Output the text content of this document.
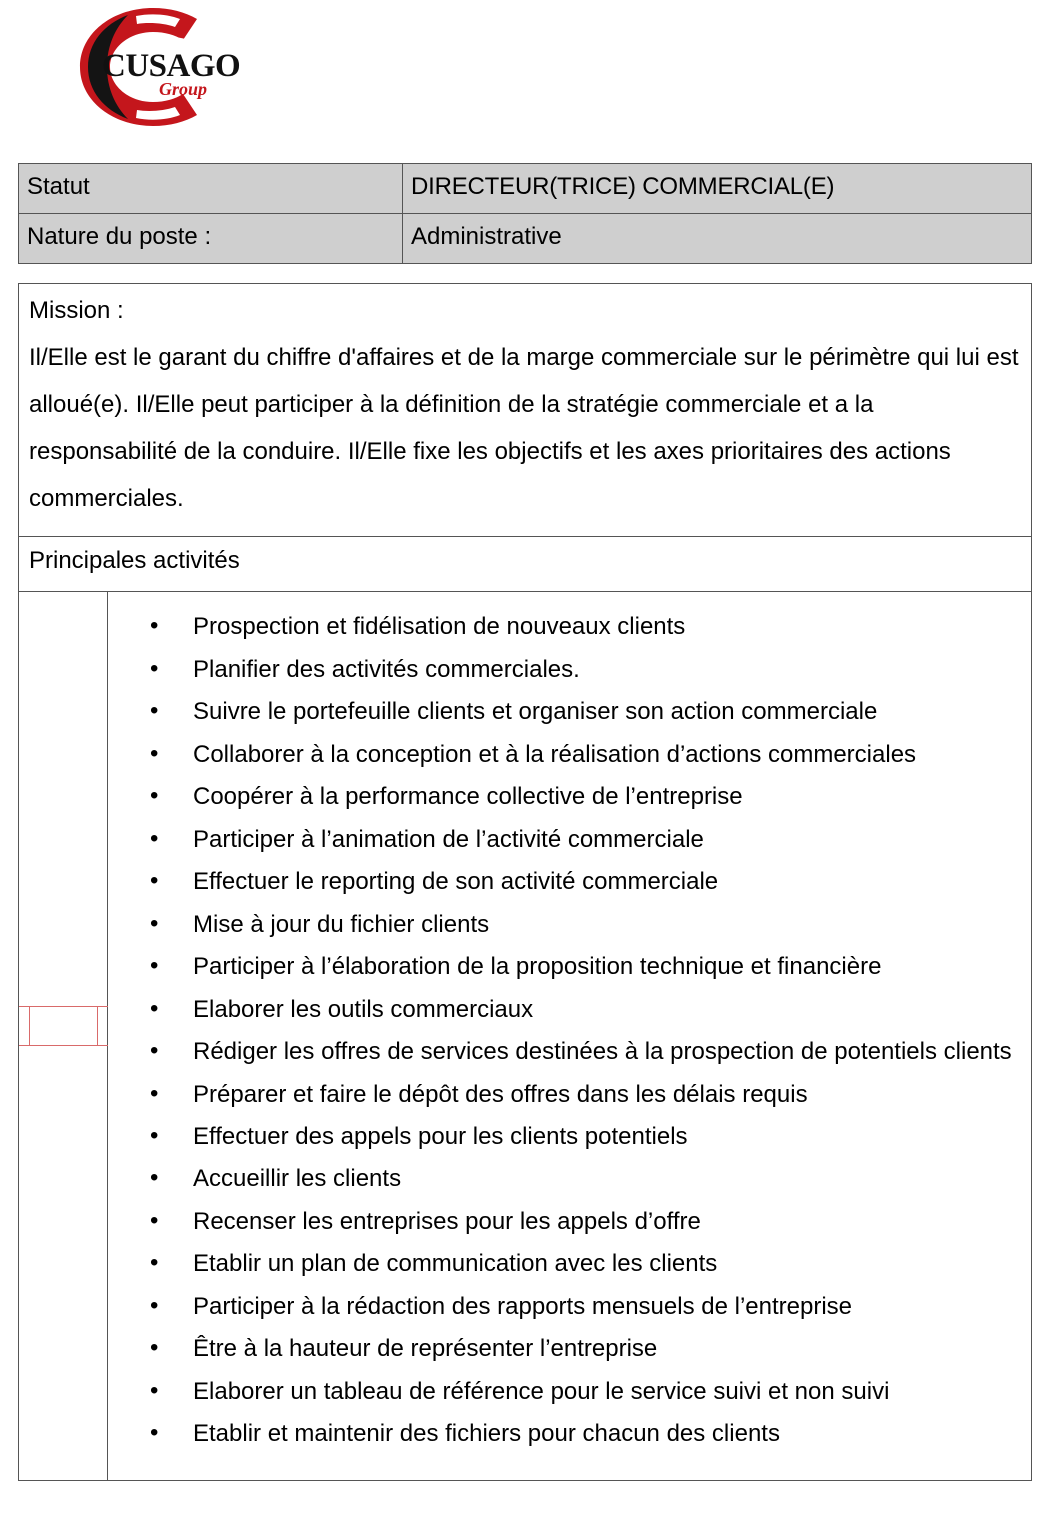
CUSAGO
Group
Statut	DIRECTEUR(TRICE) COMMERCIAL(E)
Nature du poste :	Administrative
Mission :
Il/Elle est le garant du chiffre d'affaires et de la marge commerciale sur le périmètre qui lui est alloué(e). Il/Elle peut participer à la définition de la stratégie commerciale et a la responsabilité de la conduire. Il/Elle fixe les objectifs et les axes prioritaires des actions commerciales.

Principales activités

DO

• Prospection et fidélisation de nouveaux clients
• Planifier des activités commerciales.
• Suivre le portefeuille clients et organiser son action commerciale
• Collaborer à la conception et à la réalisation d’actions commerciales
• Coopérer à la performance collective de l’entreprise
• Participer à l’animation de l’activité commerciale
• Effectuer le reporting de son activité commerciale
• Mise à jour du fichier clients
• Participer à l’élaboration de la proposition technique et financière
• Elaborer les outils commerciaux
• Rédiger les offres de services destinées à la prospection de potentiels clients
• Préparer et faire le dépôt des offres dans les délais requis
• Effectuer des appels pour les clients potentiels
• Accueillir les clients
• Recenser les entreprises pour les appels d’offre
• Etablir un plan de communication avec les clients
• Participer à la rédaction des rapports mensuels de l’entreprise
• Être à la hauteur de représenter l’entreprise
• Elaborer un tableau de référence pour le service suivi et non suivi
• Etablir et maintenir des fichiers pour chacun des clients
